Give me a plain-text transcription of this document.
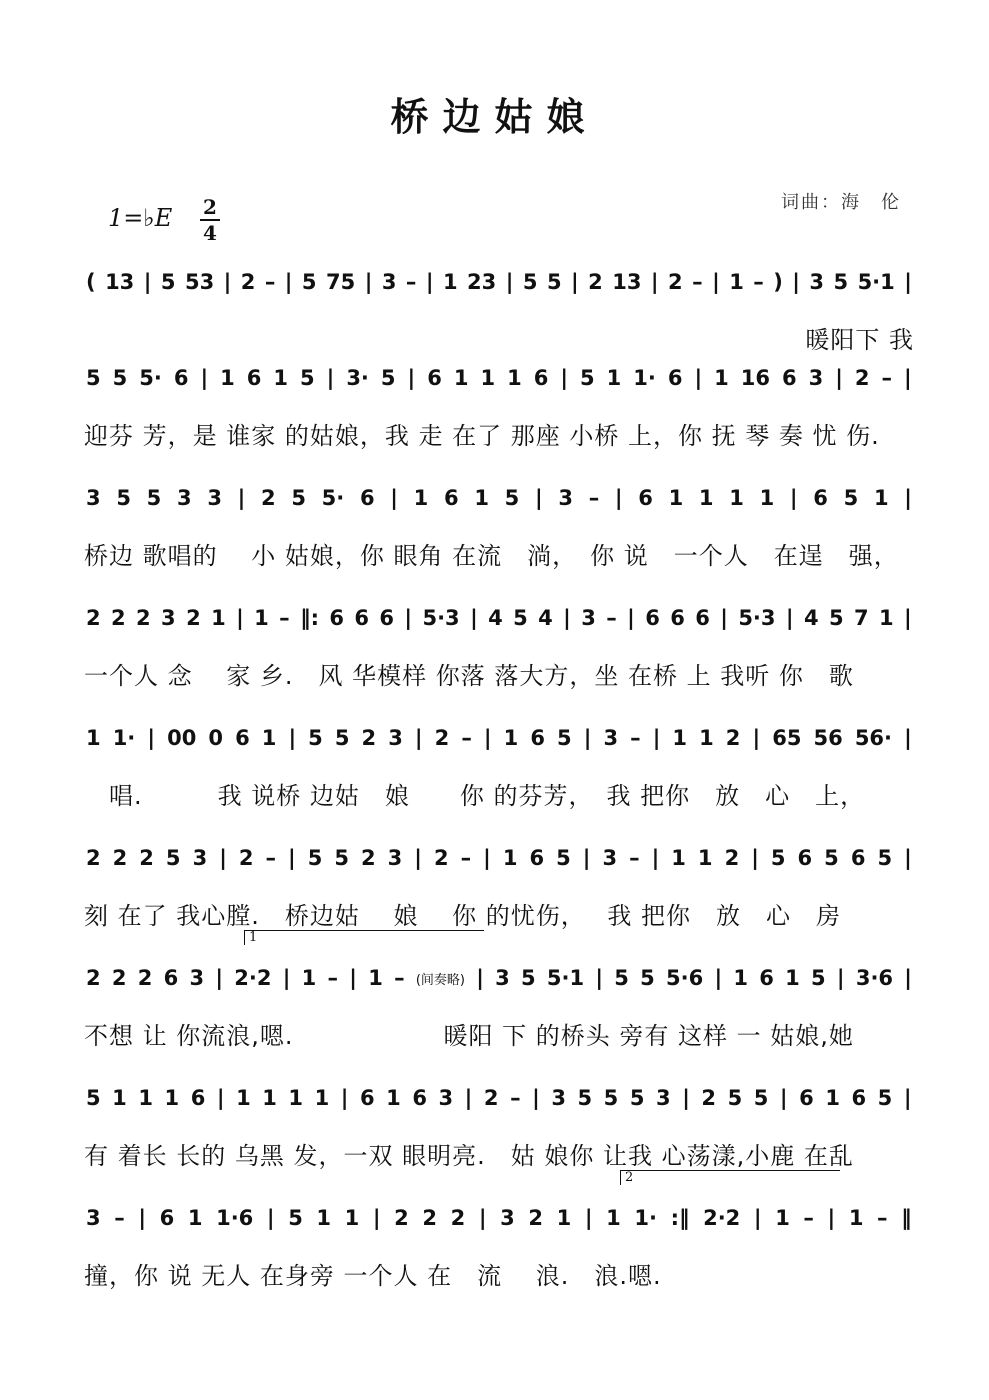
桥边姑娘
词曲：海　伦
1=♭E 2
4
( 13 | 5 53 | 2 – | 5 75 | 3 – | 1 23 | 5 5 | 2 13 | 2 – | 1 – ) | 3 5 5·1 |
暖阳下 我
5 5 5· 6 | 1 6 1 5 | 3· 5 | 6 1 1 1 6 | 5 1 1· 6 | 1 16 6 3 | 2 – |
迎芬 芳，是 谁家 的姑娘，我 走 在了 那座 小桥 上，你 抚 琴 奏 忧 伤.
3 5 5 3 3 | 2 5 5· 6 | 1 6 1 5 | 3 – | 6 1 1 1 1 | 6 5 1 |
桥边 歌唱的　 小 姑娘，你 眼角 在流　淌，　你 说　一个人　在逞　强，
2 2 2 3 2 1 | 1 – ‖: 6 6 6 | 5·3 | 4 5 4 | 3 – | 6 6 6 | 5·3 | 4 5 7 1 |
一个人 念　 家 乡.　风 华模样 你落 落大方，坐 在桥 上 我听 你　歌
1 1· | 00 0 6 1 | 5 5 2 3 | 2 – | 1 6 5 | 3 – | 1 1 2 | 65 56 56· |
　唱.　　　我 说桥 边姑　娘　　你 的芬芳，　我 把你　放　心　上，
2 2 2 5 3 | 2 – | 5 5 2 3 | 2 – | 1 6 5 | 3 – | 1 1 2 | 5 6 5 6 5 |
刻 在了 我心膛.　桥边姑　 娘　 你 的忧伤，　 我 把你　放　心　房
2 2 2 6 3 | 2·2 | 1 – | 1 – (间奏略) | 3 5 5·1 | 5 5 5·6 | 1 6 1 5 | 3·6 |
1
不想 让 你流浪,嗯.　　　　　　暖阳 下 的桥头 旁有 这样 一 姑娘,她
5 1 1 1 6 | 1 1 1 1 | 6 1 6 3 | 2 – | 3 5 5 5 3 | 2 5 5 | 6 1 6 5 |
有 着长 长的 乌黑 发，一双 眼明亮.　姑 娘你 让我 心荡漾,小鹿 在乱
3 – | 6 1 1·6 | 5 1 1 | 2 2 2 | 3 2 1 | 1 1· :‖ 2·2 | 1 – | 1 – ‖
2
撞，你 说 无人 在身旁 一个人 在　流　 浪.　浪.嗯.
